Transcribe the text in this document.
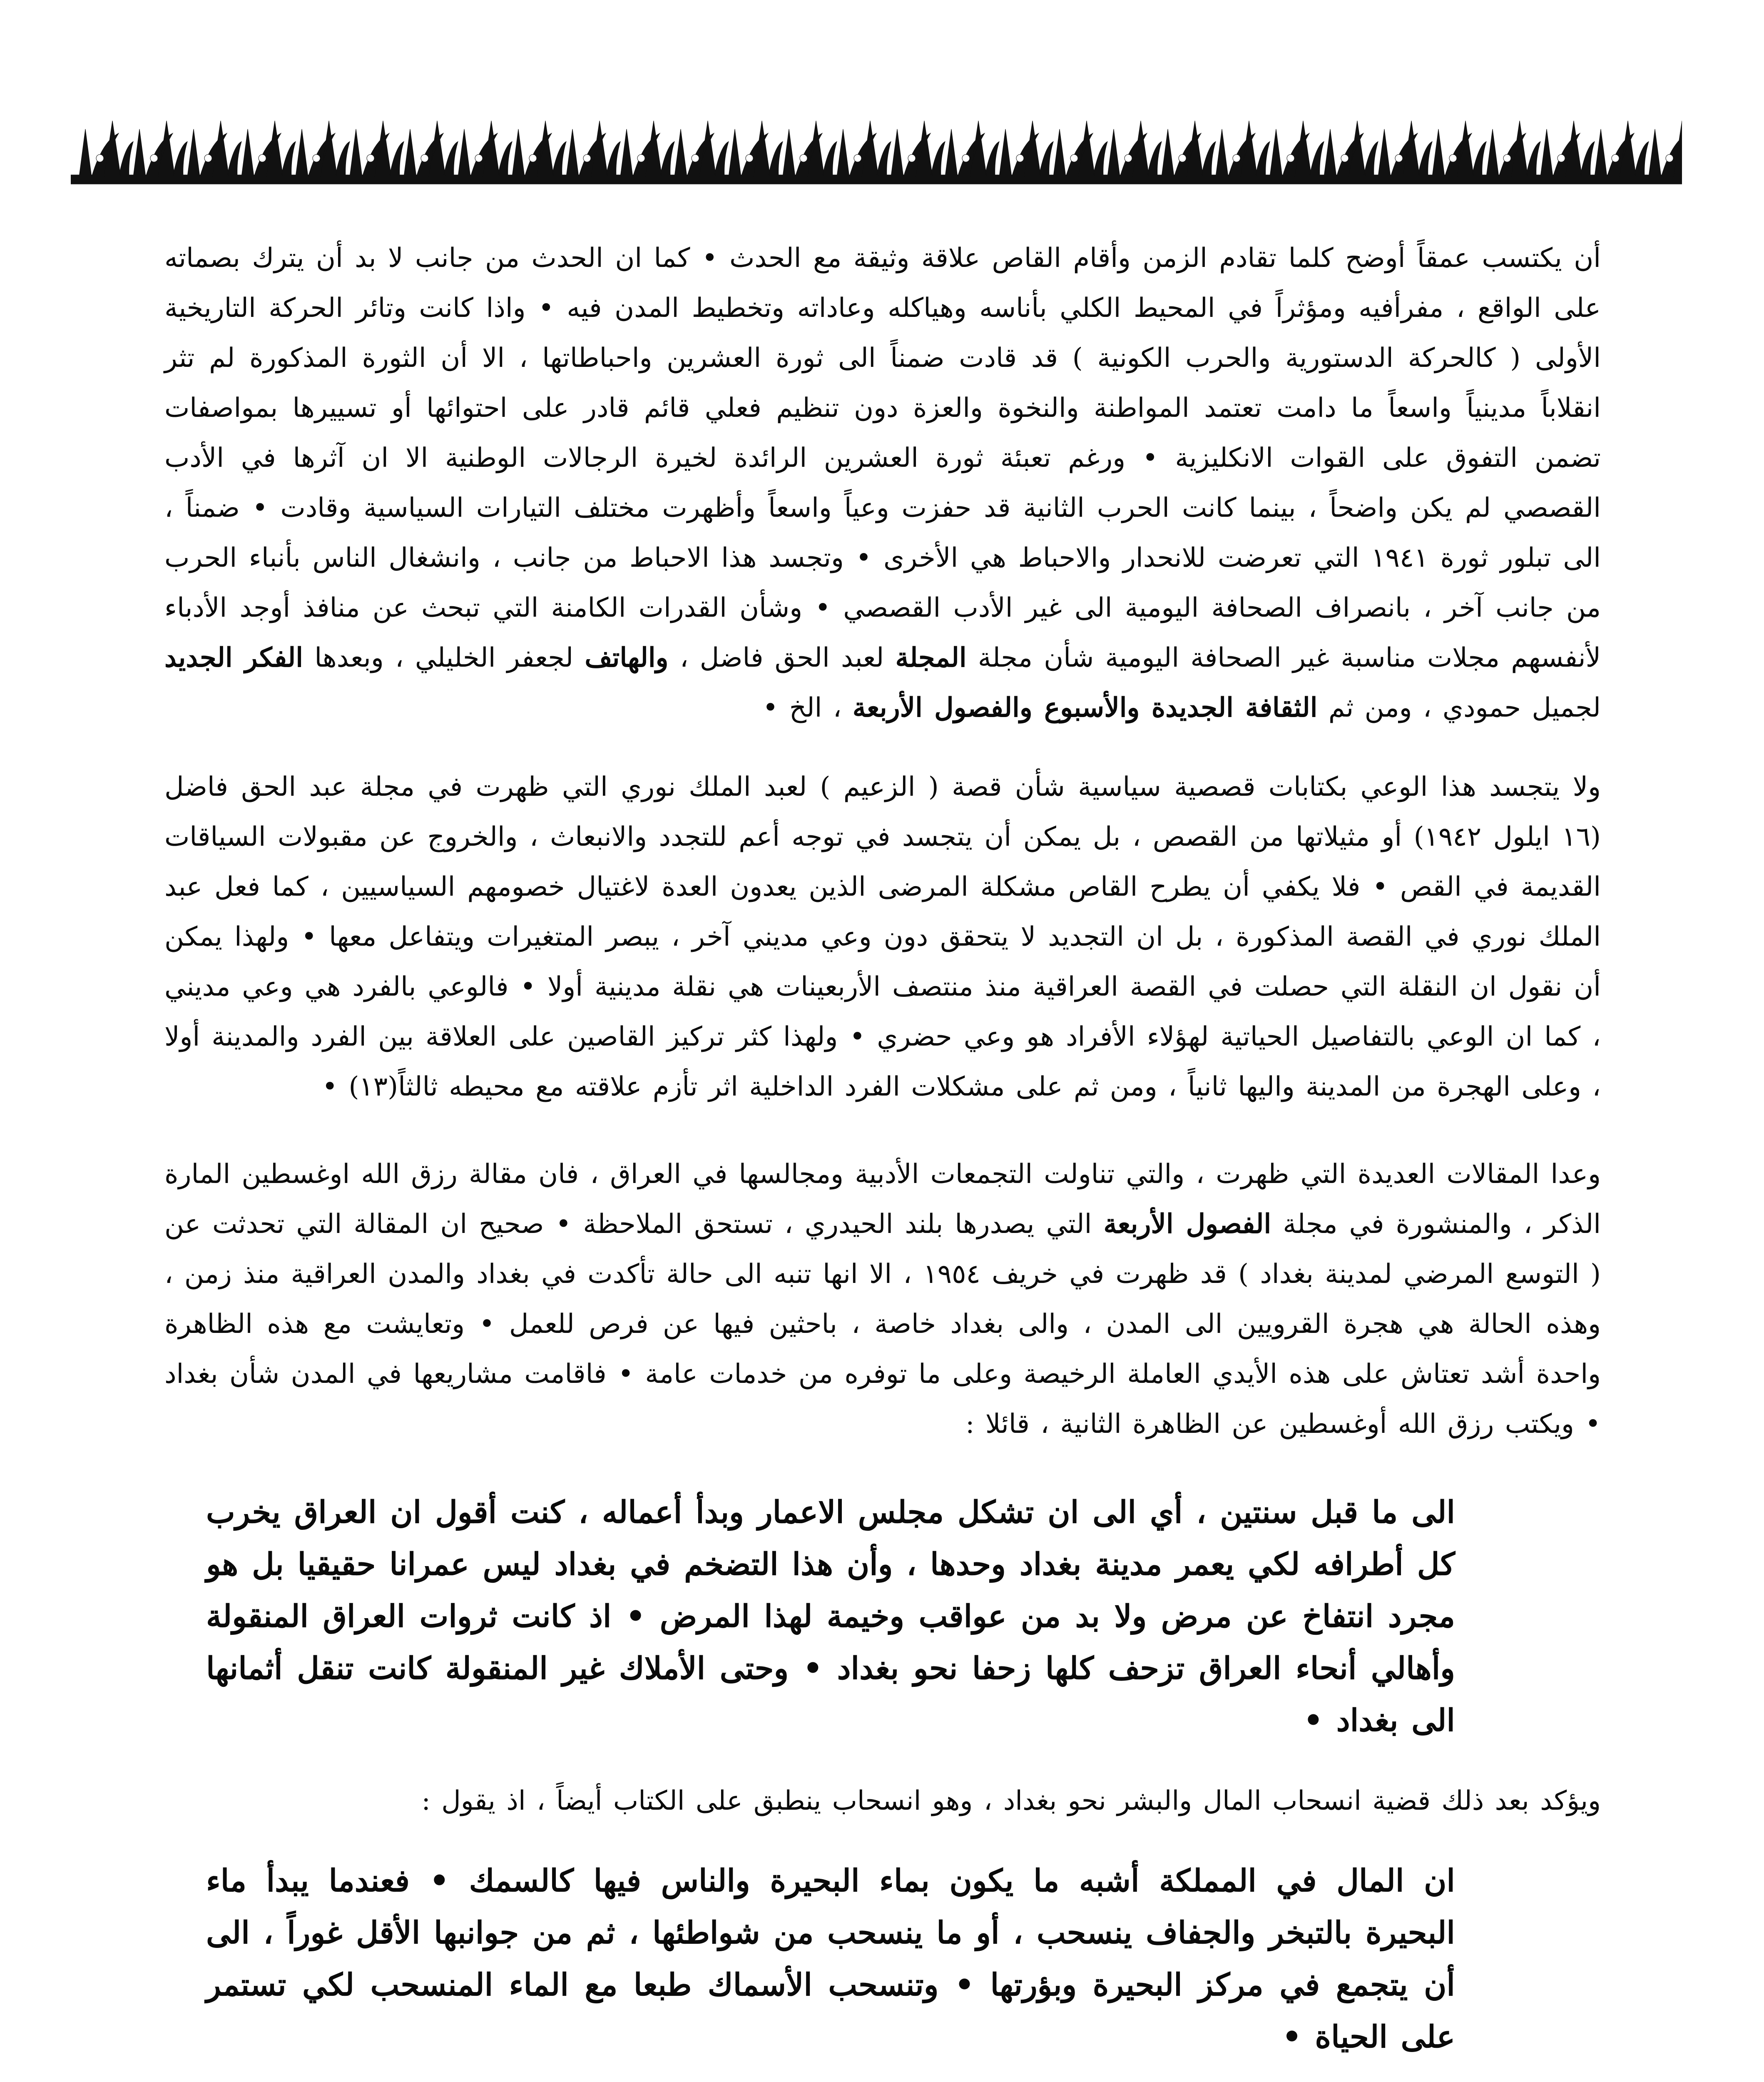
أن يكتسب عمقاً أوضح كلما تقادم الزمن وأقام القاص علاقة وثيقة مع الحدث • كما ان الحدث من جانب لا بد أن يترك بصماته على الواقع ، مفرأفيه ومؤثراً في المحيط الكلي بأناسه وهياكله وعاداته وتخطيط المدن فيه • واذا كانت وتائر الحركة التاريخية الأولى ( كالحركة الدستورية والحرب الكونية ) قد قادت ضمناً الى ثورة العشرين واحباطاتها ، الا أن الثورة المذكورة لم تثر انقلاباً مدينياً واسعاً ما دامت تعتمد المواطنة والنخوة والعزة دون تنظيم فعلي قائم قادر على احتوائها أو تسييرها بمواصفات تضمن التفوق على القوات الانكليزية • ورغم تعبئة ثورة العشرين الرائدة لخيرة الرجالات الوطنية الا ان آثرها في الأدب القصصي لم يكن واضحاً ، بينما كانت الحرب الثانية قد حفزت وعياً واسعاً وأظهرت مختلف التيارات السياسية وقادت • ضمناً ، الى تبلور ثورة ١٩٤١ التي تعرضت للانحدار والاحباط هي الأخرى • وتجسد هذا الاحباط من جانب ، وانشغال الناس بأنباء الحرب من جانب آخر ، بانصراف الصحافة اليومية الى غير الأدب القصصي • وشأن القدرات الكامنة التي تبحث عن منافذ أوجد الأدباء لأنفسهم مجلات مناسبة غير الصحافة اليومية شأن مجلة المجلة لعبد الحق فاضل ، والهاتف لجعفر الخليلي ، وبعدها الفكر الجديد لجميل حمودي ، ومن ثم الثقافة الجديدة والأسبوع والفصول الأربعة ، الخ •

ولا يتجسد هذا الوعي بكتابات قصصية سياسية شأن قصة ( الزعيم ) لعبد الملك نوري التي ظهرت في مجلة عبد الحق فاضل (١٦ ايلول ١٩٤٢) أو مثيلاتها من القصص ، بل يمكن أن يتجسد في توجه أعم للتجدد والانبعاث ، والخروج عن مقبولات السياقات القديمة في القص • فلا يكفي أن يطرح القاص مشكلة المرضى الذين يعدون العدة لاغتيال خصومهم السياسيين ، كما فعل عبد الملك نوري في القصة المذكورة ، بل ان التجديد لا يتحقق دون وعي مديني آخر ، يبصر المتغيرات ويتفاعل معها • ولهذا يمكن أن نقول ان النقلة التي حصلت في القصة العراقية منذ منتصف الأربعينات هي نقلة مدينية أولا • فالوعي بالفرد هي وعي مديني ، كما ان الوعي بالتفاصيل الحياتية لهؤلاء الأفراد هو وعي حضري • ولهذا كثر تركيز القاصين على العلاقة بين الفرد والمدينة أولا ، وعلى الهجرة من المدينة واليها ثانياً ، ومن ثم على مشكلات الفرد الداخلية اثر تأزم علاقته مع محيطه ثالثاً(١٣) •

وعدا المقالات العديدة التي ظهرت ، والتي تناولت التجمعات الأدبية ومجالسها في العراق ، فان مقالة رزق الله اوغسطين المارة الذكر ، والمنشورة في مجلة الفصول الأربعة التي يصدرها بلند الحيدري ، تستحق الملاحظة • صحيح ان المقالة التي تحدثت عن ( التوسع المرضي لمدينة بغداد ) قد ظهرت في خريف ١٩٥٤ ، الا انها تنبه الى حالة تأكدت في بغداد والمدن العراقية منذ زمن ، وهذه الحالة هي هجرة القرويين الى المدن ، والى بغداد خاصة ، باحثين فيها عن فرص للعمل • وتعايشت مع هذه الظاهرة واحدة أشد تعتاش على هذه الأيدي العاملة الرخيصة وعلى ما توفره من خدمات عامة • فاقامت مشاريعها في المدن شأن بغداد • ويكتب رزق الله أوغسطين عن الظاهرة الثانية ، قائلا :

الى ما قبل سنتين ، أي الى ان تشكل مجلس الاعمار وبدأ أعماله ، كنت أقول ان العراق يخرب كل أطرافه لكي يعمر مدينة بغداد وحدها ، وأن هذا التضخم في بغداد ليس عمرانا حقيقيا بل هو مجرد انتفاخ عن مرض ولا بد من عواقب وخيمة لهذا المرض • اذ كانت ثروات العراق المنقولة وأهالي أنحاء العراق تزحف كلها زحفا نحو بغداد • وحتى الأملاك غير المنقولة كانت تنقل أثمانها الى بغداد •

ويؤكد بعد ذلك قضية انسحاب المال والبشر نحو بغداد ، وهو انسحاب ينطبق على الكتاب أيضاً ، اذ يقول :

ان المال في المملكة أشبه ما يكون بماء البحيرة والناس فيها كالسمك • فعندما يبدأ ماء البحيرة بالتبخر والجفاف ينسحب ، أو ما ينسحب من شواطئها ، ثم من جوانبها الأقل غوراً ، الى أن يتجمع في مركز البحيرة وبؤرتها • وتنسحب الأسماك طبعا مع الماء المنسحب لكي تستمر على الحياة •
